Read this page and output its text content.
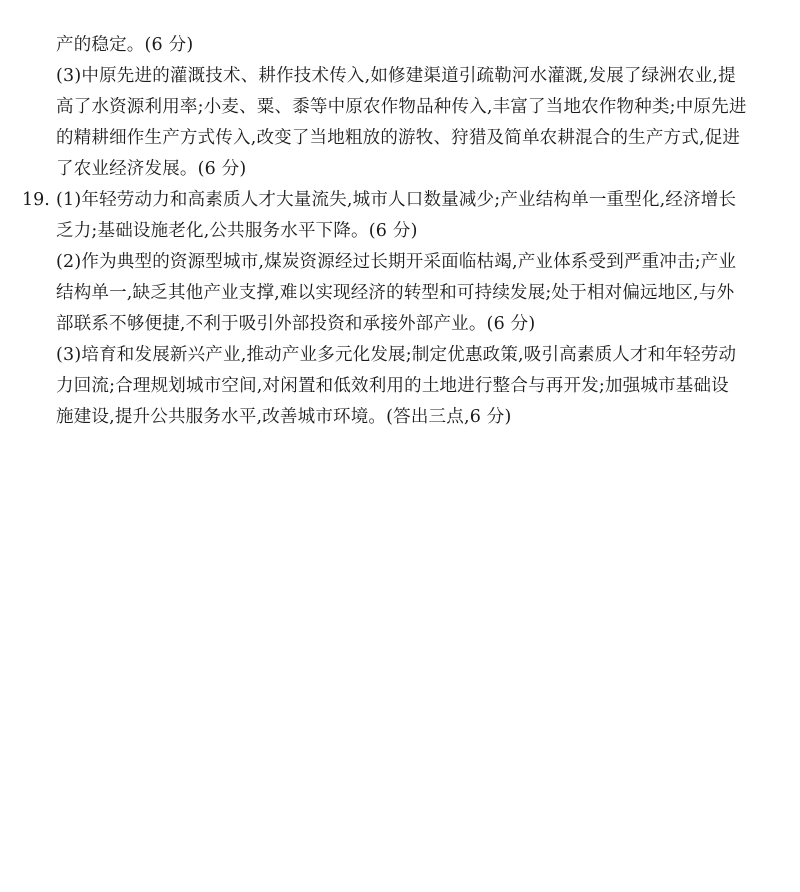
产的稳定。(6 分)
(3)中原先进的灌溉技术、耕作技术传入,如修建渠道引疏勒河水灌溉,发展了绿洲农业,提
高了水资源利用率;小麦、粟、黍等中原农作物品种传入,丰富了当地农作物种类;中原先进
的精耕细作生产方式传入,改变了当地粗放的游牧、狩猎及简单农耕混合的生产方式,促进
了农业经济发展。(6 分)
19. (1)年轻劳动力和高素质人才大量流失,城市人口数量减少;产业结构单一重型化,经济增长
乏力;基础设施老化,公共服务水平下降。(6 分)
(2)作为典型的资源型城市,煤炭资源经过长期开采面临枯竭,产业体系受到严重冲击;产业
结构单一,缺乏其他产业支撑,难以实现经济的转型和可持续发展;处于相对偏远地区,与外
部联系不够便捷,不利于吸引外部投资和承接外部产业。(6 分)
(3)培育和发展新兴产业,推动产业多元化发展;制定优惠政策,吸引高素质人才和年轻劳动
力回流;合理规划城市空间,对闲置和低效利用的土地进行整合与再开发;加强城市基础设
施建设,提升公共服务水平,改善城市环境。(答出三点,6 分)
